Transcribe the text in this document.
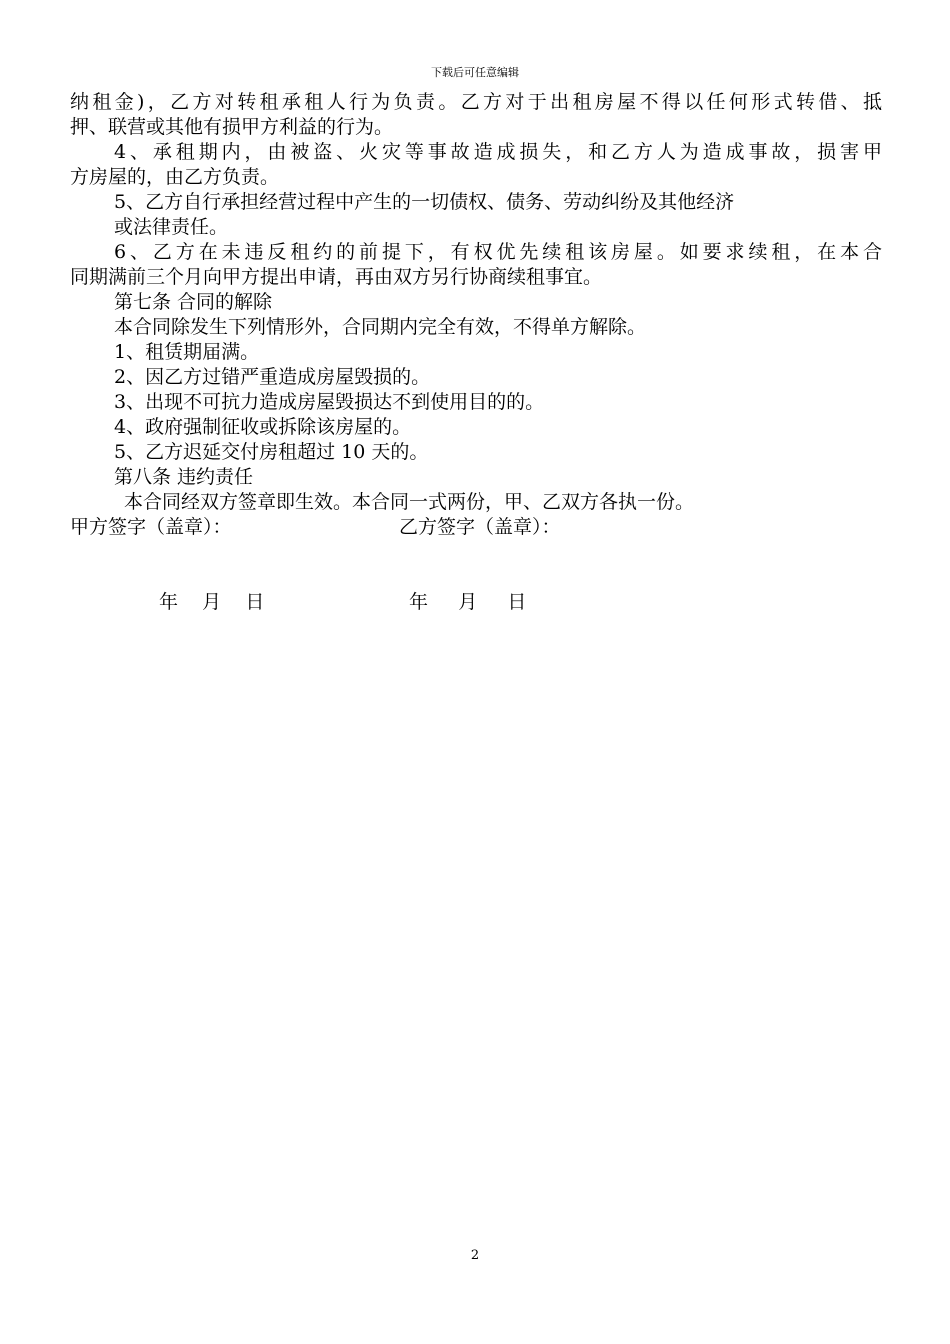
下载后可任意编辑
纳租金)，乙方对转租承租人行为负责。乙方对于出租房屋不得以任何形式转借、抵
押、联营或其他有损甲方利益的行为。
4、承租期内，由被盗、火灾等事故造成损失，和乙方人为造成事故，损害甲
方房屋的，由乙方负责。
5、乙方自行承担经营过程中产生的一切债权、债务、劳动纠纷及其他经济
或法律责任。
6、乙方在未违反租约的前提下，有权优先续租该房屋。如要求续租，在本合
同期满前三个月向甲方提出申请，再由双方另行协商续租事宜。
第七条 合同的解除
本合同除发生下列情形外，合同期内完全有效，不得单方解除。
1、租赁期届满。
2、因乙方过错严重造成房屋毁损的。
3、出现不可抗力造成房屋毁损达不到使用目的的。
4、政府强制征收或拆除该房屋的。
5、乙方迟延交付房租超过 10 天的。
第八条 违约责任
本合同经双方签章即生效。本合同一式两份，甲、乙双方各执一份。
甲方签字（盖章）：	乙方签字（盖章）：
年    月    日	年     月     日
2
